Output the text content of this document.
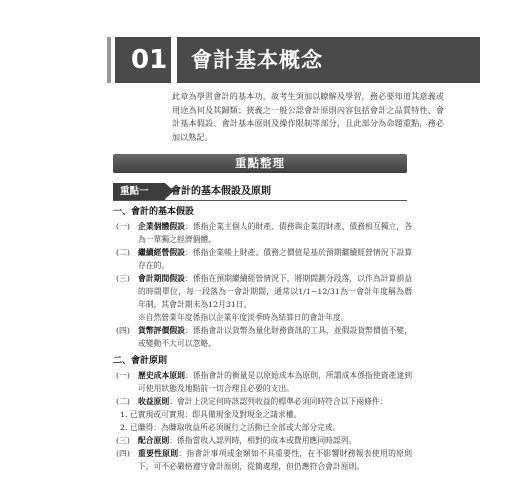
01 會計基本概念
此章為學習會計的基本功，故考生須加以瞭解及學習，務必要知道其意義或用途為何及其歸類；狹義之一般公認會計原則內容包括會計之品質特性、會計基本假設、會計基本原則及操作限制等部分，且此部分為命題重點，務必加以熟記。
重點整理
重點一	會計的基本假設及原則
一、會計的基本假設
(一) 企業個體假設：係指企業主個人的財產、債務與企業的財產、債務相互獨立，各為一單獨之經濟個體。
(二) 繼續經營假設：係指企業帳上財產、債務之價值是基於預期繼續經營情況下設算存在的。
(三) 會計期間假設：係指在預期繼續經營情況下，將期間劃分段落，以作為計算損益的時間單位，每一段落為一會計期間，通常以1/1~12/31為一會計年度稱為曆年制，其會計期末為12月31日。
※自然營業年度係指以企業年度淡季時為結算日的會計年度。
(四) 貨幣評價假設：係指會計以貨幣為量化財務資訊的工具，並假設貨幣價值不變，或變動不大可以忽略。
二、會計原則
(一) 歷史成本原則：係指會計的衡量是以原始成本為原則，所謂成本係指使資產達到可使用狀態及地點前一切合理且必要的支出。
(二) 收益原則：會計上決定何時該認列收益的標準必須同時符合以下兩條件：
1. 已實現或可實現：即具備現金及對現金之請求權。
2. 已賺得：為賺取收益所必須履行之活動已全部或大部分完成。
(三) 配合原則：係指當收入認列時，相對的成本或費用應同時認列。
(四) 重要性原則：指會計事項或金額如不具重要性，在不影響財務報表使用的原則下，可不必嚴格遵守會計原則，從簡處理，但仍應符合會計原則。
